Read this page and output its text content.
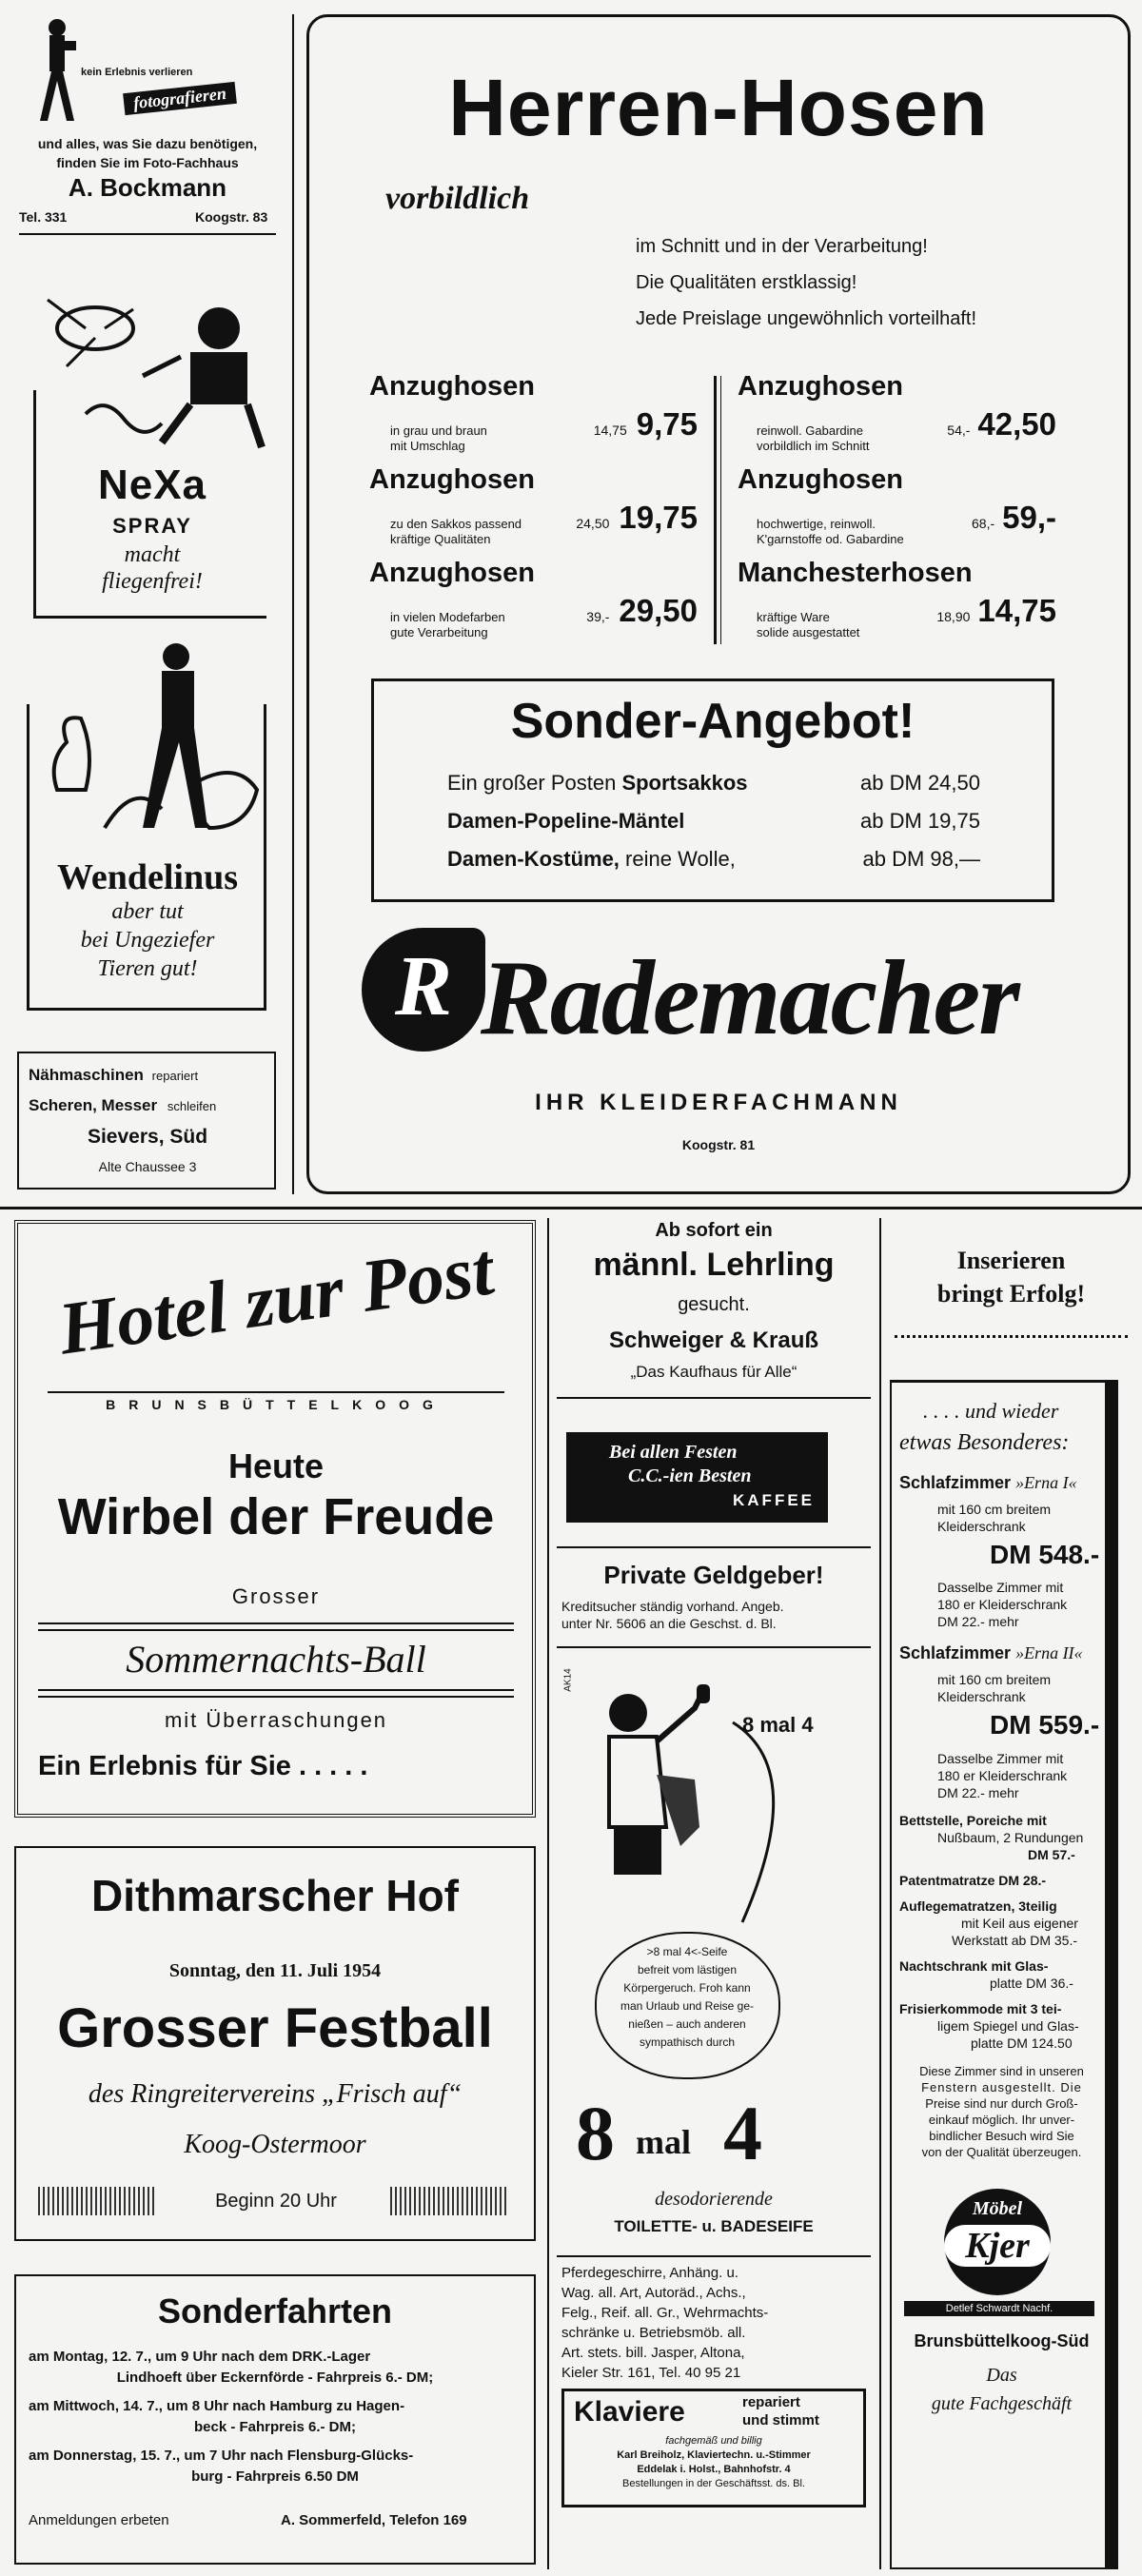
kein Erlebnis verlieren
fotografieren
und alles, was Sie dazu benötigen,
finden Sie im Foto-Fachhaus
A. Bockmann
Tel. 331	Koogstr. 83
NeXa
SPRAY
macht
fliegenfrei!
Wendelinus
aber tut
bei Ungeziefer
Tieren gut!
Nähmaschinen repariert
Scheren, Messer schleifen
Sievers, Süd
Alte Chaussee 3
Herren-Hosen
vorbildlich
im Schnitt und in der Verarbeitung!
Die Qualitäten erstklassig!
Jede Preislage ungewöhnlich vorteilhaft!
Anzughosen
in grau und braun
mit Umschlag
14,75 9,75
Anzughosen
zu den Sakkos passend
kräftige Qualitäten
24,50 19,75
Anzughosen
in vielen Modefarben
gute Verarbeitung
39,- 29,50
Anzughosen
reinwoll. Gabardine
vorbildlich im Schnitt
54,- 42,50
Anzughosen
hochwertige, reinwoll.
K'garnstoffe od. Gabardine
68,- 59,-
Manchesterhosen
kräftige Ware
solide ausgestattet
18,90 14,75
Sonder-Angebot!
Ein großer Posten Sportsakkos	ab DM 24,50
Damen-Popeline-Mäntel	ab DM 19,75
Damen-Kostüme, reine Wolle,	ab DM 98,—
R Rademacher
IHR KLEIDERFACHMANN
Koogstr. 81
Hotel zur Post
BRUNSBÜTTELKOOG
Heute
Wirbel der Freude
Grosser
Sommernachts-Ball
mit Überraschungen
Ein Erlebnis für Sie . . . . .
Dithmarscher Hof
Sonntag, den 11. Juli 1954
Grosser Festball
des Ringreitervereins „Frisch auf“
Koog-Ostermoor
Beginn 20 Uhr
Sonderfahrten
am Montag, 12. 7., um 9 Uhr nach dem DRK.-Lager
Lindhoeft über Eckernförde - Fahrpreis 6.- DM;
am Mittwoch, 14. 7., um 8 Uhr nach Hamburg zu Hagen-
beck - Fahrpreis 6.- DM;
am Donnerstag, 15. 7., um 7 Uhr nach Flensburg-Glücks-
burg - Fahrpreis 6.50 DM
Anmeldungen erbeten	A. Sommerfeld, Telefon 169
Ab sofort ein
männl. Lehrling
gesucht.
Schweiger & Krauß
„Das Kaufhaus für Alle“
Bei allen Festen
C.C.-ien Besten
KAFFEE
Private Geldgeber!
Kreditsucher ständig vorhand. Angeb.
unter Nr. 5606 an die Geschst. d. Bl.
AK14
8 mal 4
>8 mal 4<-Seife
befreit vom lästigen
Körpergeruch. Froh kann
man Urlaub und Reise ge-
nießen – auch anderen
sympathisch durch
8 mal 4
desodorierende
TOILETTE- u. BADESEIFE
Pferdegeschirre, Anhäng. u.
Wag. all. Art, Autoräd., Achs.,
Felg., Reif. all. Gr., Wehrmachts-
schränke u. Betriebsmöb. all.
Art. stets. bill. Jasper, Altona,
Kieler Str. 161, Tel. 40 95 21
Klaviere	repariert
und stimmt
fachgemäß und billig
Karl Breiholz, Klaviertechn. u.-Stimmer
Eddelak i. Holst., Bahnhofstr. 4
Bestellungen in der Geschäftsst. ds. Bl.
Inserieren
bringt Erfolg!
. . . . und wieder
etwas Besonderes:
Schlafzimmer »Erna I«
mit 160 cm breitem
Kleiderschrank
DM 548.-
Dasselbe Zimmer mit
180 er Kleiderschrank
DM 22.- mehr
Schlafzimmer »Erna II«
mit 160 cm breitem
Kleiderschrank
DM 559.-
Dasselbe Zimmer mit
180 er Kleiderschrank
DM 22.- mehr
Bettstelle, Poreiche mit
Nußbaum, 2 Rundungen
DM 57.-
Patentmatratze DM 28.-
Auflegematratzen, 3teilig
mit Keil aus eigener
Werkstatt ab DM 35.-
Nachtschrank mit Glas-
platte DM 36.-
Frisierkommode mit 3 tei-
ligem Spiegel und Glas-
platte DM 124.50
Diese Zimmer sind in unseren
Fenstern ausgestellt. Die
Preise sind nur durch Groß-
einkauf möglich. Ihr unver-
bindlicher Besuch wird Sie
von der Qualität überzeugen.
Möbel
Kjer
Detlef Schwardt Nachf.
Brunsbüttelkoog-Süd
Das
gute Fachgeschäft
